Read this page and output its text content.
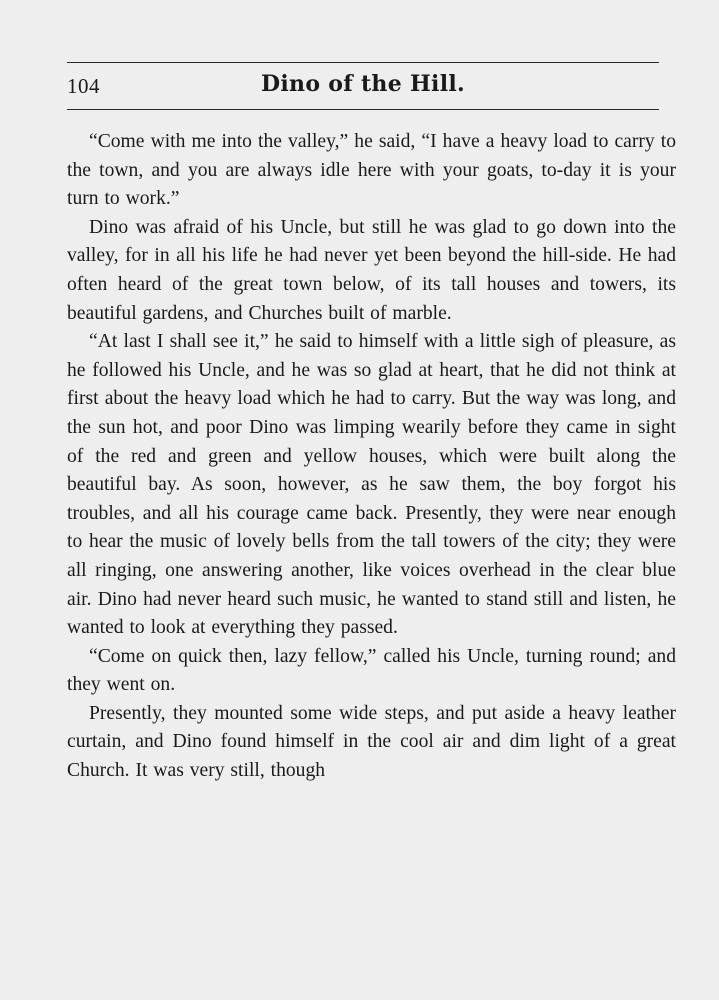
104	Dino of the Hill.

“Come with me into the valley,” he said, “I have a heavy load to carry to the town, and you are always idle here with your goats, to-day it is your turn to work.”

Dino was afraid of his Uncle, but still he was glad to go down into the valley, for in all his life he had never yet been beyond the hill-side. He had often heard of the great town below, of its tall houses and towers, its beautiful gardens, and Churches built of marble.

“At last I shall see it,” he said to himself with a little sigh of pleasure, as he followed his Uncle, and he was so glad at heart, that he did not think at first about the heavy load which he had to carry. But the way was long, and the sun hot, and poor Dino was limping wearily before they came in sight of the red and green and yellow houses, which were built along the beautiful bay. As soon, however, as he saw them, the boy forgot his troubles, and all his courage came back. Presently, they were near enough to hear the music of lovely bells from the tall towers of the city; they were all ringing, one answering another, like voices overhead in the clear blue air. Dino had never heard such music, he wanted to stand still and listen, he wanted to look at everything they passed.

“Come on quick then, lazy fellow,” called his Uncle, turning round; and they went on.

Presently, they mounted some wide steps, and put aside a heavy leather curtain, and Dino found himself in the cool air and dim light of a great Church. It was very still, though
